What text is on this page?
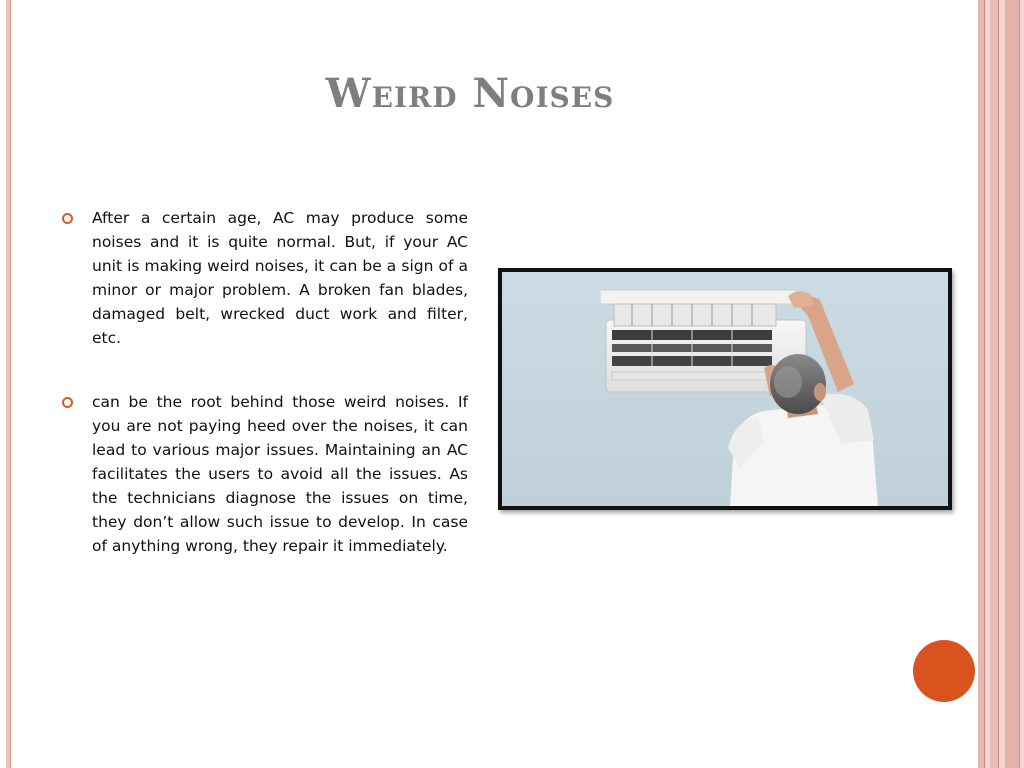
Weird Noises
After a certain age, AC may produce some noises and it is quite normal. But, if your AC unit is making weird noises, it can be a sign of a minor or major problem. A broken fan blades, damaged belt, wrecked duct work and filter, etc.
can be the root behind those weird noises. If you are not paying heed over the noises, it can lead to various major issues. Maintaining an AC facilitates the users to avoid all the issues. As the technicians diagnose the issues on time, they don’t allow such issue to develop. In case of anything wrong, they repair it immediately.
